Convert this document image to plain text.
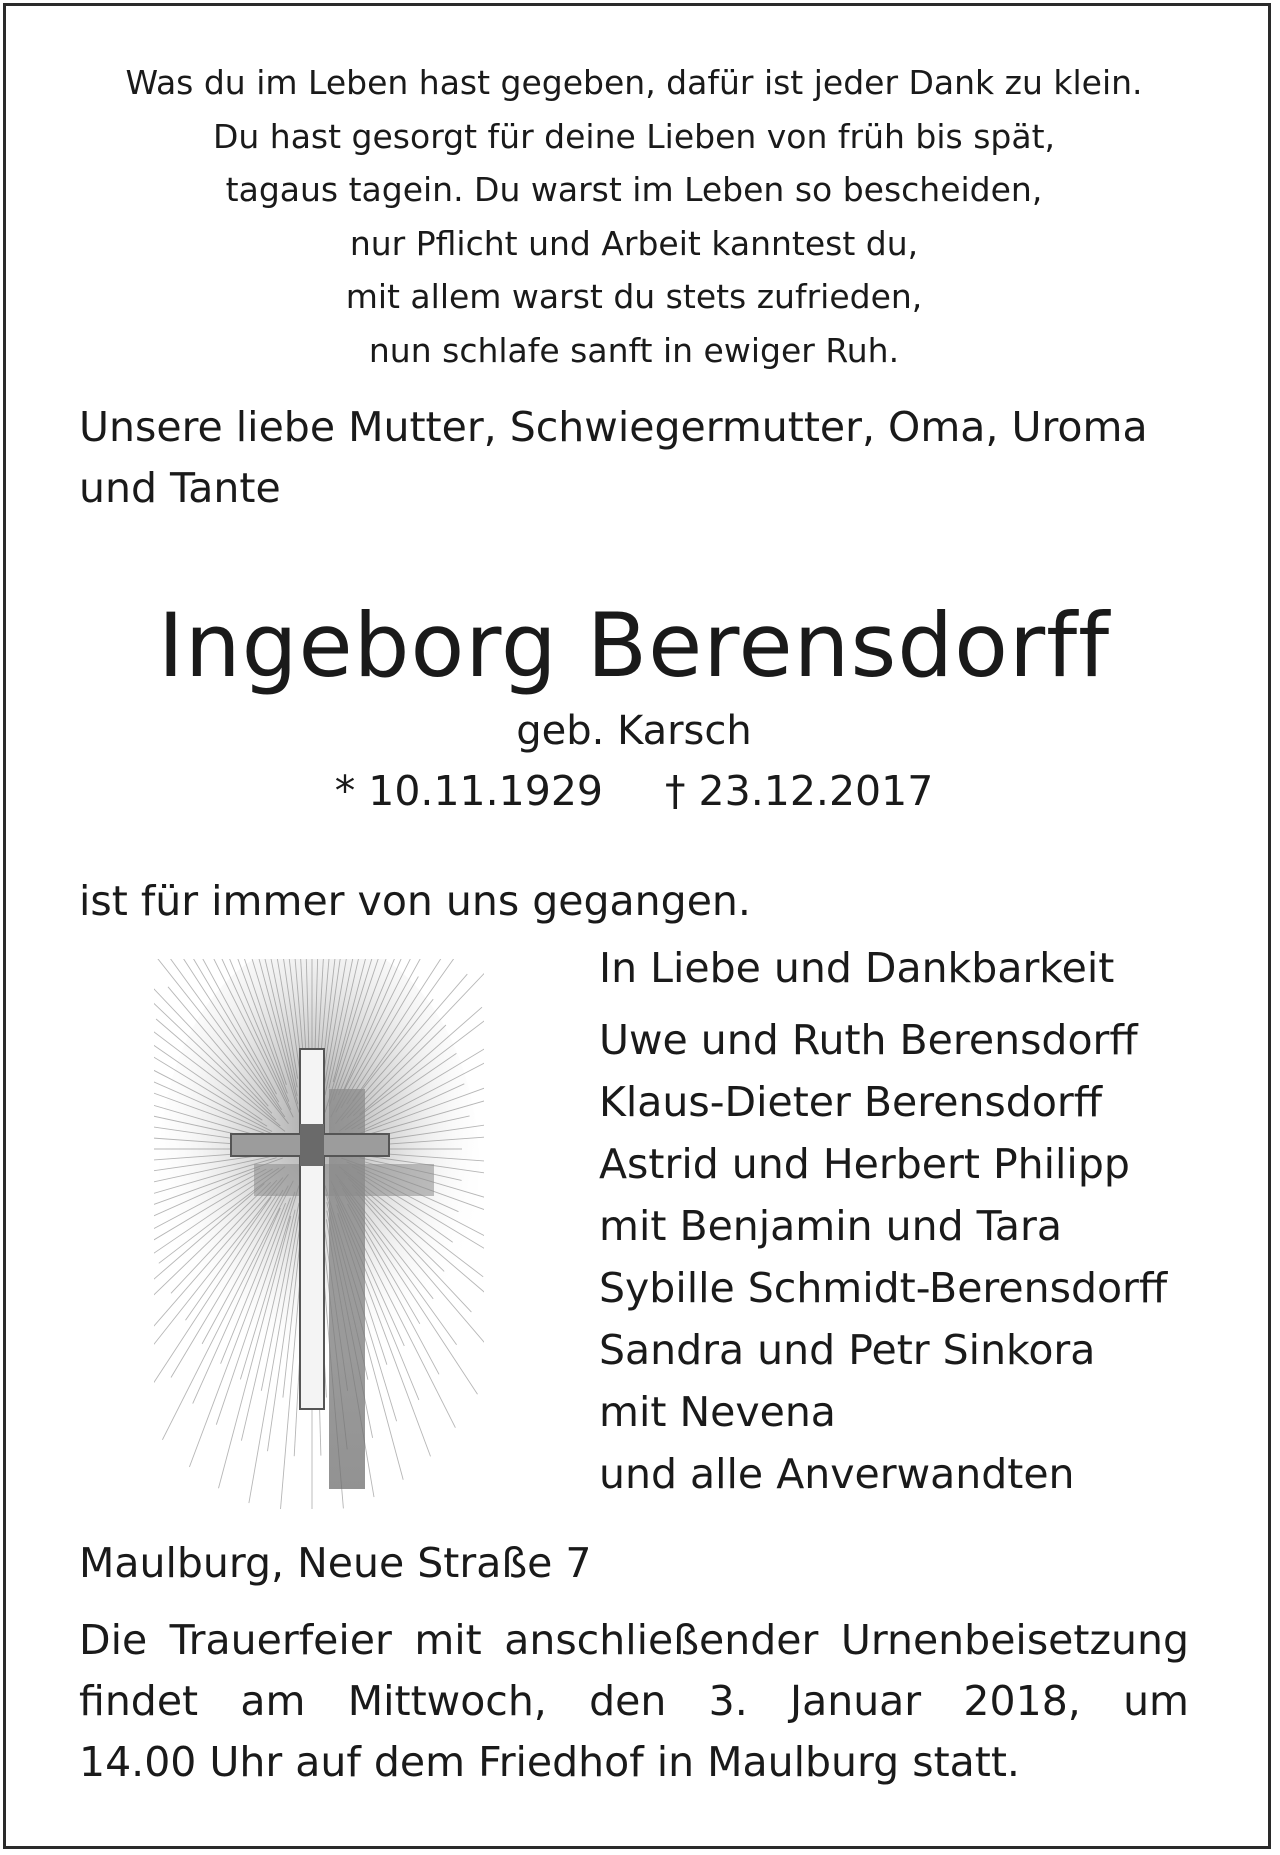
Was du im Leben hast gegeben, dafür ist jeder Dank zu klein.
Du hast gesorgt für deine Lieben von früh bis spät,
tagaus tagein. Du warst im Leben so bescheiden,
nur Pflicht und Arbeit kanntest du,
mit allem warst du stets zufrieden,
nun schlafe sanft in ewiger Ruh.
Unsere liebe Mutter, Schwiegermutter, Oma, Uroma
und Tante
Ingeborg Berensdorff
geb. Karsch
* 10.11.1929 † 23.12.2017
ist für immer von uns gegangen.
In Liebe und Dankbarkeit
Uwe und Ruth Berensdorff
Klaus-Dieter Berensdorff
Astrid und Herbert Philipp
mit Benjamin und Tara
Sybille Schmidt-Berensdorff
Sandra und Petr Sinkora
mit Nevena
und alle Anverwandten
Maulburg, Neue Straße 7
Die Trauerfeier mit anschließender Urnenbeisetzung
findet am Mittwoch, den 3. Januar 2018, um
14.00 Uhr auf dem Friedhof in Maulburg statt.
